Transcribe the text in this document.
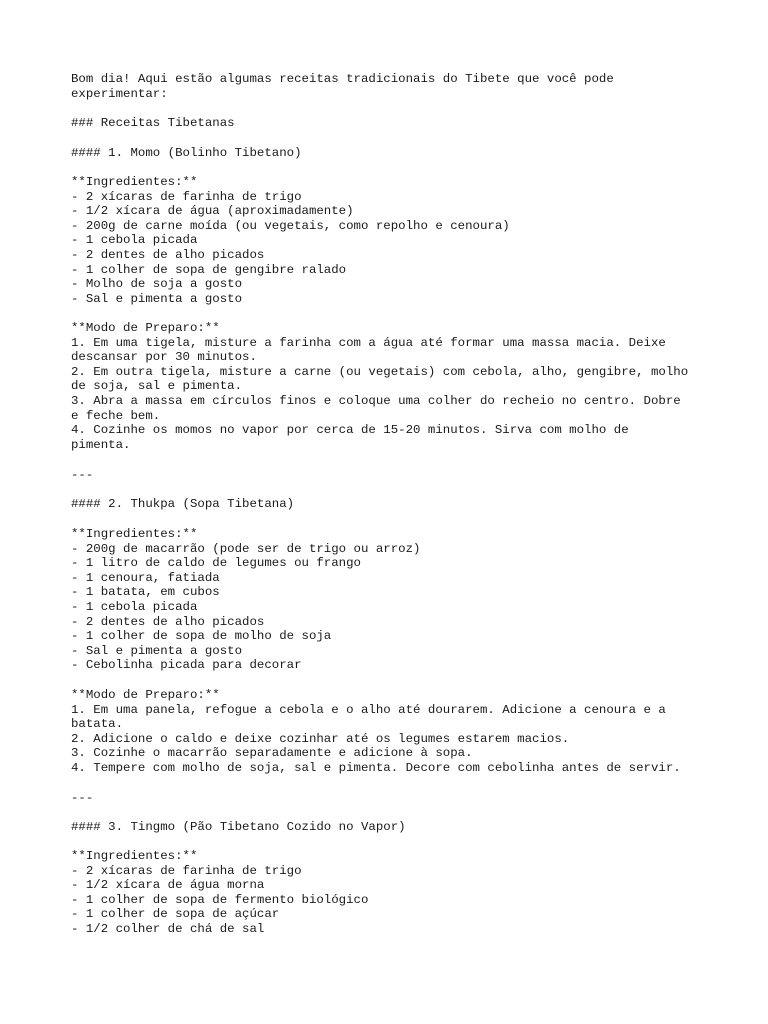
Bom dia! Aqui estão algumas receitas tradicionais do Tibete que você pode
experimentar:
### Receitas Tibetanas
#### 1. Momo (Bolinho Tibetano)
**Ingredientes:**
- 2 xícaras de farinha de trigo
- 1/2 xícara de água (aproximadamente)
- 200g de carne moída (ou vegetais, como repolho e cenoura)
- 1 cebola picada
- 2 dentes de alho picados
- 1 colher de sopa de gengibre ralado
- Molho de soja a gosto
- Sal e pimenta a gosto
**Modo de Preparo:**
1. Em uma tigela, misture a farinha com a água até formar uma massa macia. Deixe
descansar por 30 minutos.
2. Em outra tigela, misture a carne (ou vegetais) com cebola, alho, gengibre, molho
de soja, sal e pimenta.
3. Abra a massa em círculos finos e coloque uma colher do recheio no centro. Dobre
e feche bem.
4. Cozinhe os momos no vapor por cerca de 15-20 minutos. Sirva com molho de
pimenta.
---
#### 2. Thukpa (Sopa Tibetana)
**Ingredientes:**
- 200g de macarrão (pode ser de trigo ou arroz)
- 1 litro de caldo de legumes ou frango
- 1 cenoura, fatiada
- 1 batata, em cubos
- 1 cebola picada
- 2 dentes de alho picados
- 1 colher de sopa de molho de soja
- Sal e pimenta a gosto
- Cebolinha picada para decorar
**Modo de Preparo:**
1. Em uma panela, refogue a cebola e o alho até dourarem. Adicione a cenoura e a
batata.
2. Adicione o caldo e deixe cozinhar até os legumes estarem macios.
3. Cozinhe o macarrão separadamente e adicione à sopa.
4. Tempere com molho de soja, sal e pimenta. Decore com cebolinha antes de servir.
---
#### 3. Tingmo (Pão Tibetano Cozido no Vapor)
**Ingredientes:**
- 2 xícaras de farinha de trigo
- 1/2 xícara de água morna
- 1 colher de sopa de fermento biológico
- 1 colher de sopa de açúcar
- 1/2 colher de chá de sal
